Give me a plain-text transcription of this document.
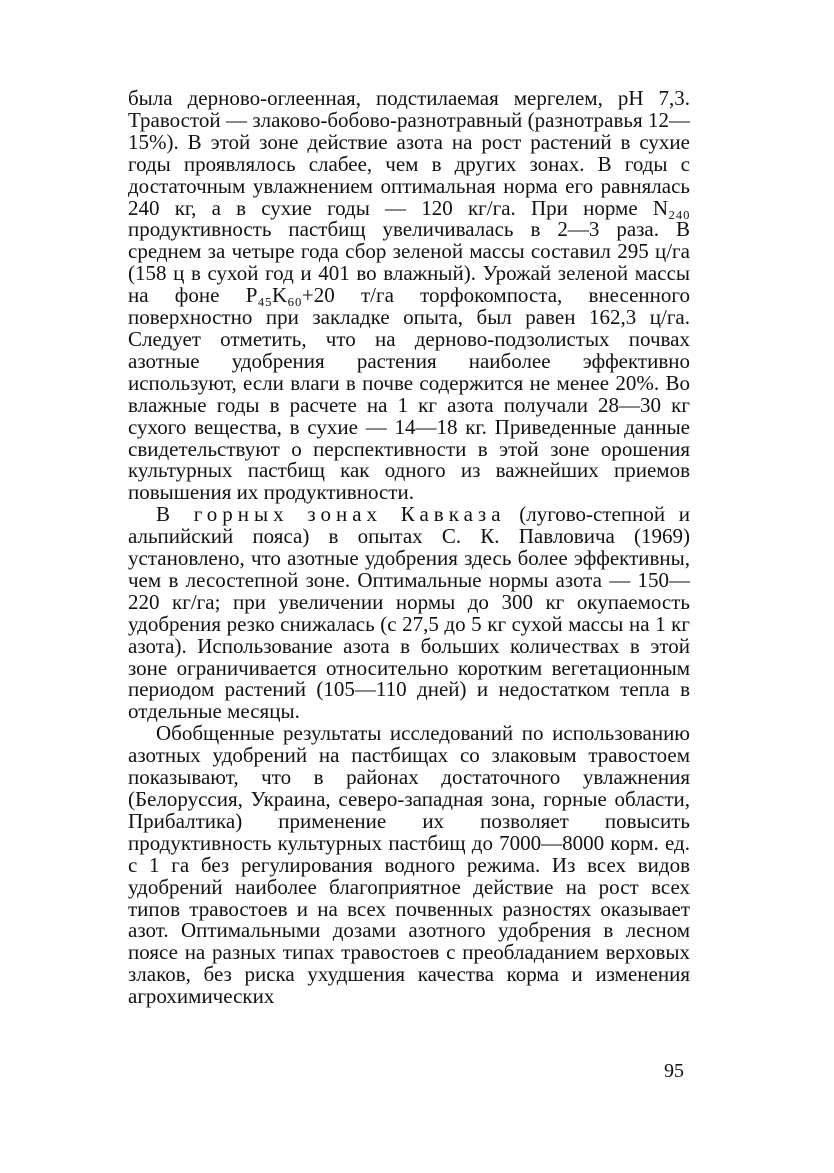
была дерново-оглеенная, подстилаемая мергелем, pH 7,3. Травостой — злаково-бобово-разнотравный (разнотравья 12—15%). В этой зоне действие азота на рост растений в сухие годы проявлялось слабее, чем в других зонах. В годы с достаточным увлажнением оптимальная норма его равнялась 240 кг, а в сухие годы — 120 кг/га. При норме N₂₄₀ продуктивность пастбищ увеличивалась в 2—3 раза. В среднем за четыре года сбор зеленой массы составил 295 ц/га (158 ц в сухой год и 401 во влажный). Урожай зеленой массы на фоне P₄₅K₆₀+20 т/га торфокомпоста, внесенного поверхностно при закладке опыта, был равен 162,3 ц/га. Следует отметить, что на дерново-подзолистых почвах азотные удобрения растения наиболее эффективно используют, если влаги в почве содержится не менее 20%. Во влажные годы в расчете на 1 кг азота получали 28—30 кг сухого вещества, в сухие — 14—18 кг. Приведенные данные свидетельствуют о перспективности в этой зоне орошения культурных пастбищ как одного из важнейших приемов повышения их продуктивности.

В горных зонах Кавказа (лугово-степной и альпийский пояса) в опытах С. К. Павловича (1969) установлено, что азотные удобрения здесь более эффективны, чем в лесостепной зоне. Оптимальные нормы азота — 150—220 кг/га; при увеличении нормы до 300 кг окупаемость удобрения резко снижалась (с 27,5 до 5 кг сухой массы на 1 кг азота). Использование азота в больших количествах в этой зоне ограничивается относительно коротким вегетационным периодом растений (105—110 дней) и недостатком тепла в отдельные месяцы.

Обобщенные результаты исследований по использованию азотных удобрений на пастбищах со злаковым травостоем показывают, что в районах достаточного увлажнения (Белоруссия, Украина, северо-западная зона, горные области, Прибалтика) применение их позволяет повысить продуктивность культурных пастбищ до 7000—8000 корм. ед. с 1 га без регулирования водного режима. Из всех видов удобрений наиболее благоприятное действие на рост всех типов травостоев и на всех почвенных разностях оказывает азот. Оптимальными дозами азотного удобрения в лесном поясе на разных типах травостоев с преобладанием верховых злаков, без риска ухудшения качества корма и изменения агрохимических

95
